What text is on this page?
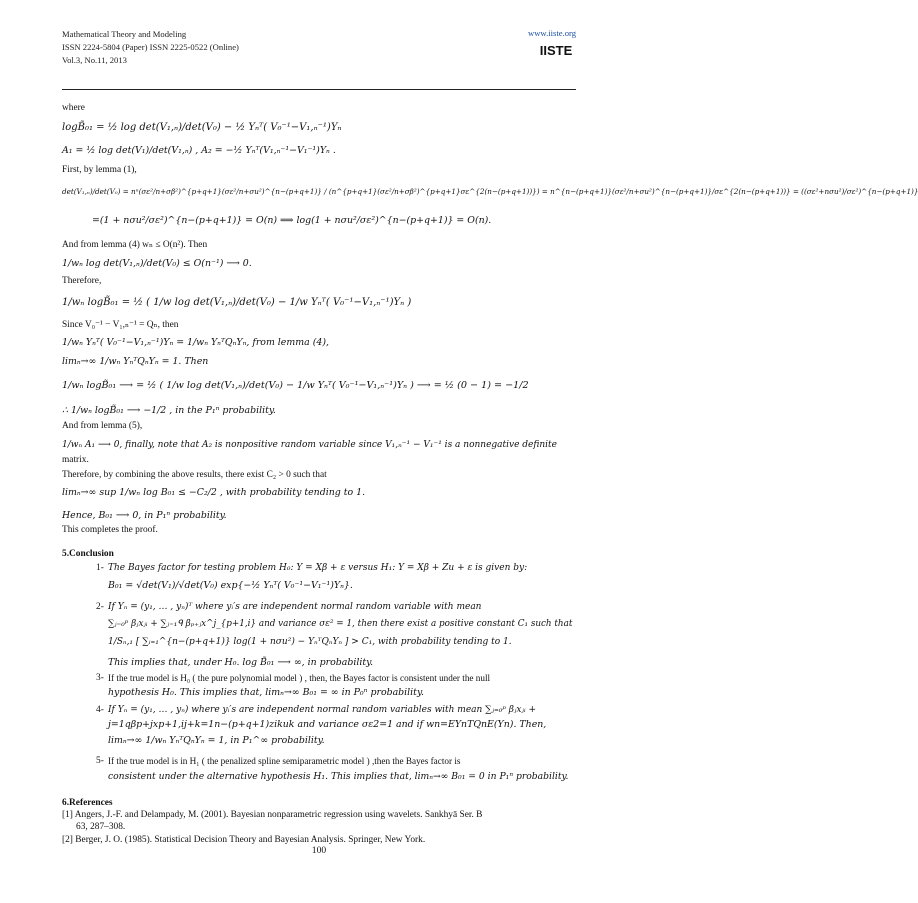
Mathematical Theory and Modeling
ISSN 2224-5804 (Paper) ISSN 2225-0522 (Online)
Vol.3, No.11, 2013
www.iiste.org
IISTE
where
logB̃₀₁ = ½ log det(V₁,ₙ)/det(V₀) − ½ Yₙᵀ( V₀⁻¹−V₁,ₙ⁻¹)Yₙ
A₁ = ½ log det(V₁)/det(V₁,ₙ) , A₂ = −½ Yₙᵀ(V₁,ₙ⁻¹−V₁⁻¹)Yₙ .
First, by lemma (1),
det(V₁,ₙ)/det(V₀) = nⁿ(σε²/n+σβ²)^{p+q+1}(σε²/n+σu²)^{n−(p+q+1)} / (n^{p+q+1}(σε²/n+σβ²)^{p+q+1}σε^{2(n−(p+q+1))}) = n^{n−(p+q+1)}(σε²/n+σu²)^{n−(p+q+1)}/σε^{2(n−(p+q+1))} = ((σε²+nσu²)/σε²)^{n−(p+q+1)}
=(1 + nσu²/σε²)^{n−(p+q+1)} = O(n) ⟹ log(1 + nσu²/σε²)^{n−(p+q+1)} = O(n).
And from lemma (4) wₙ ≤ O(n²). Then
1/wₙ log det(V₁,ₙ)/det(V₀) ≤ O(n⁻¹) ⟶ 0.
Therefore,
1/wₙ logB̃₀₁ = ½ ( 1/w log det(V₁,ₙ)/det(V₀) − 1/w Yₙᵀ( V₀⁻¹−V₁,ₙ⁻¹)Yₙ )
Since V₀⁻¹ − V₁,ₙ⁻¹ = Qₙ, then
1/wₙ Yₙᵀ( V₀⁻¹−V₁,ₙ⁻¹)Yₙ = 1/wₙ YₙᵀQₙYₙ, from lemma (4),
limₙ→∞ 1/wₙ YₙᵀQₙYₙ = 1. Then
1/wₙ logB̃₀₁ ⟶ = ½ ( 1/w log det(V₁,ₙ)/det(V₀) − 1/w Yₙᵀ( V₀⁻¹−V₁,ₙ⁻¹)Yₙ ) ⟶ = ½ (0 − 1) = −1/2
∴ 1/wₙ logB̃₀₁ ⟶ −1/2 , in the P₁ⁿ probability.
And from lemma (5),
1/wₙ A₁ ⟶ 0, finally, note that A₂ is nonpositive random variable since V₁,ₙ⁻¹ − V₁⁻¹ is a nonnegative definite
matrix.
Therefore, by combining the above results, there exist C₂ > 0 such that
limₙ→∞ sup 1/wₙ log B₀₁ ≤ −C₂/2 , with probability tending to 1.
Hence, B₀₁ ⟶ 0, in P₁ⁿ probability.
This completes the proof.
5.Conclusion
1- The Bayes factor for testing problem H₀: Y = Xβ + ε versus H₁: Y = Xβ + Zu + ε is given by:
B₀₁ = √det(V₁)/√det(V₀) exp{−½ Yₙᵀ( V₀⁻¹−V₁⁻¹)Yₙ}.
2- If Yₙ = (y₁, … , yₙ)ᵀ where yᵢ′s are independent normal random variable with mean
∑ⱼ₌₀ᵖ βⱼxⱼᵢ + ∑ⱼ₌₁ᑫ βₚ₊ⱼx^j_{p+1,i} and variance σε² = 1, then there exist a positive constant C₁ such that
1/Sₙ,₁ [ ∑ᵢ₌₁^{n−(p+q+1)} log(1 + nσu²) − YₙᵀQₙYₙ ] > C₁, with probability tending to 1.
This implies that, under H₀. log B̃₀₁ ⟶ ∞, in probability.
3- If the true model is H₀ ( the pure polynomial model ) , then, the Bayes factor is consistent under the null
hypothesis H₀. This implies that, limₙ→∞ B₀₁ = ∞ in P₀ⁿ probability.
4- If Yₙ = (y₁, … , yₙ) where yᵢ′s are independent normal random variables with mean ∑ⱼ₌₀ᵖ βⱼxⱼᵢ +
j=1qβp+jxp+1,ij+k=1n−(p+q+1)zikuk and variance σε2=1 and if wn=EYnTQnE(Yn). Then,
limₙ→∞ 1/wₙ YₙᵀQₙYₙ = 1, in P₁^∞ probability.
5- If the true model is in H₁ ( the penalized spline semiparametric model ) ,then the Bayes factor is
consistent under the alternative hypothesis H₁. This implies that, limₙ→∞ B₀₁ = 0 in P₁ⁿ probability.
6.References
[1] Angers, J.-F. and Delampady, M. (2001). Bayesian nonparametric regression using wavelets. Sankhyā Ser. B
63, 287–308.
[2] Berger, J. O. (1985). Statistical Decision Theory and Bayesian Analysis. Springer, New York.
100
